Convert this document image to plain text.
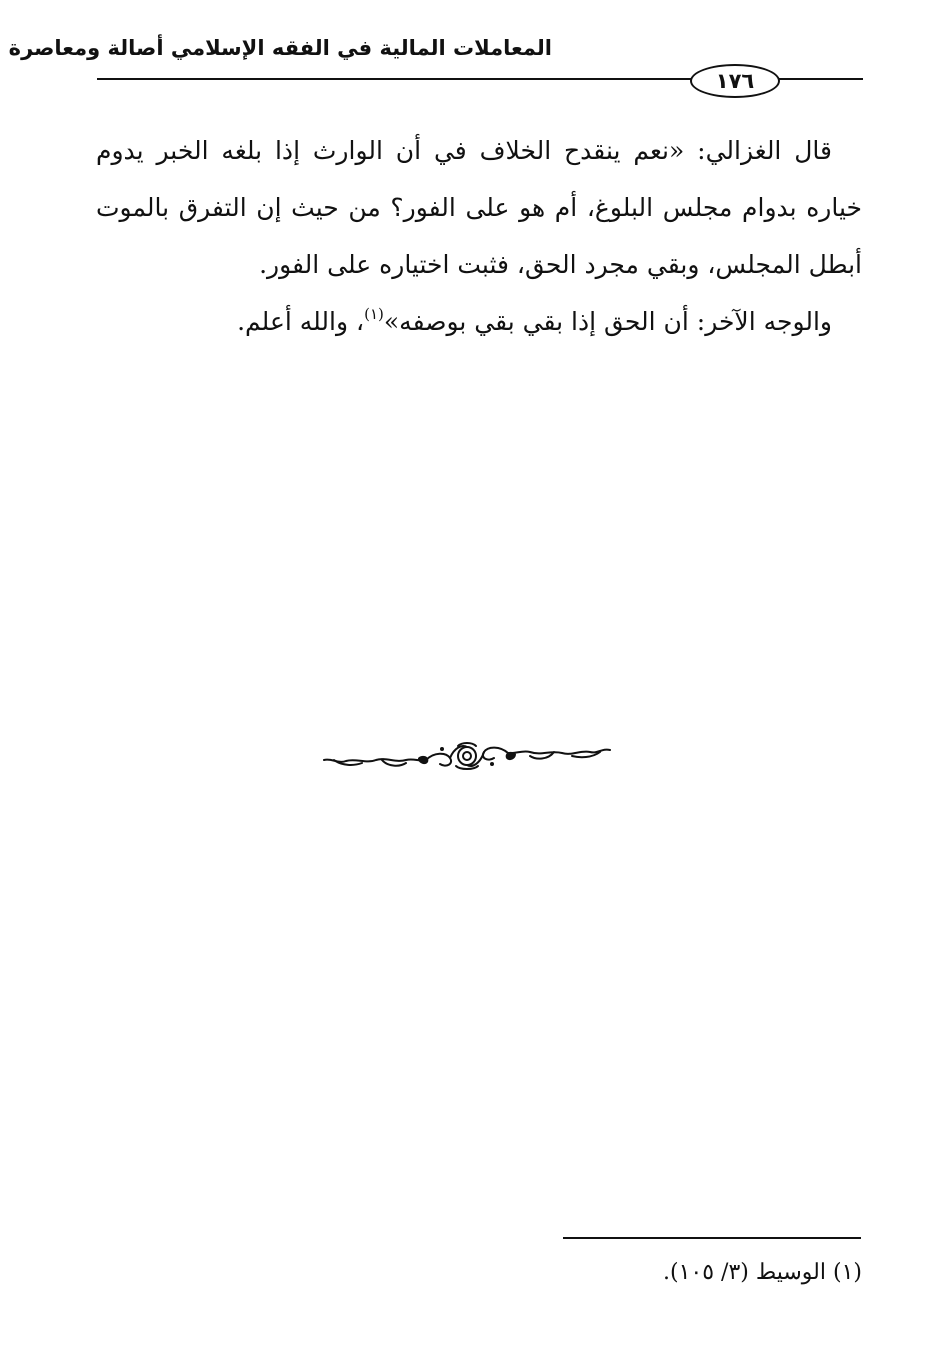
المعاملات المالية في الفقه الإسلامي أصالة ومعاصرة
١٧٦

قال الغزالي: «نعم ينقدح الخلاف في أن الوارث إذا بلغه الخبر يدوم خياره بدوام مجلس البلوغ، أم هو على الفور؟ من حيث إن التفرق بالموت أبطل المجلس، وبقي مجرد الحق، فثبت اختياره على الفور.

والوجه الآخر: أن الحق إذا بقي بقي بوصفه»$^{(١)}$، والله أعلم.

(١) الوسيط (٣/ ١٠٥).
